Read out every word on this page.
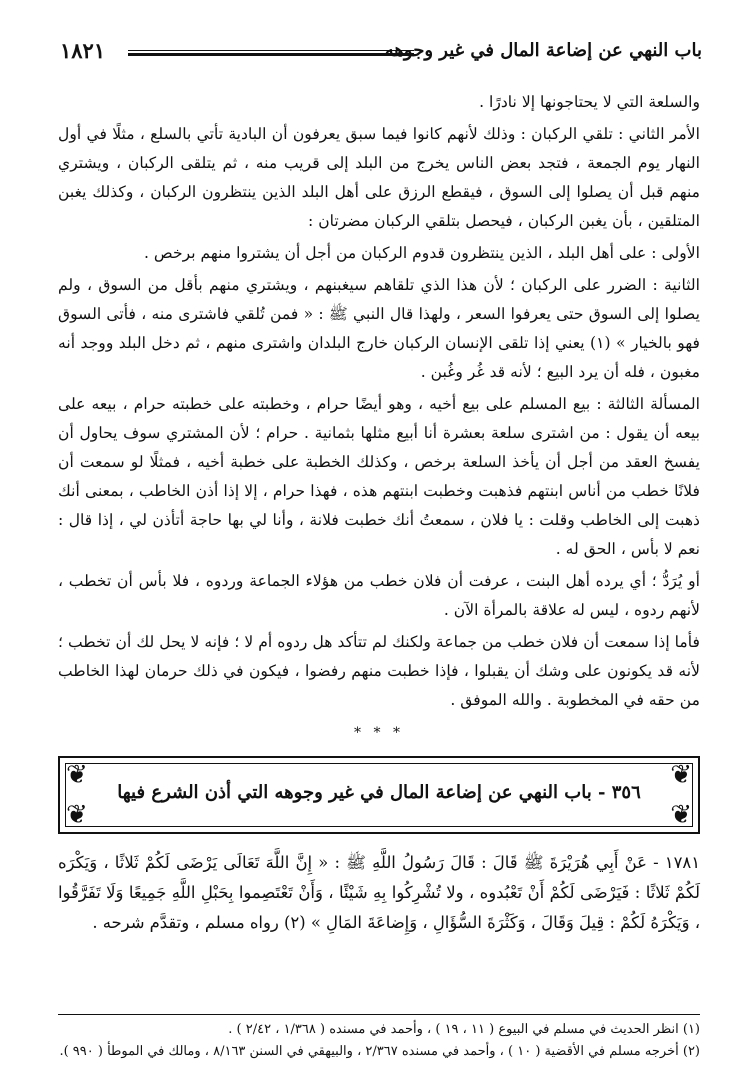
باب النهي عن إضاعة المال في غير وجوهه
١٨٢١

والسلعة التي لا يحتاجونها إلا نادرًا .

الأمر الثاني : تلقي الركبان : وذلك لأنهم كانوا فيما سبق يعرفون أن البادية تأتي بالسلع ، مثلًا في أول النهار يوم الجمعة ، فتجد بعض الناس يخرج من البلد إلى قريب منه ، ثم يتلقى الركبان ، ويشتري منهم قبل أن يصلوا إلى السوق ، فيقطع الرزق على أهل البلد الذين ينتظرون الركبان ، وكذلك يغبن المتلقين ، بأن يغبن الركبان ، فيحصل بتلقي الركبان مضرتان :

الأولى : على أهل البلد ، الذين ينتظرون قدوم الركبان من أجل أن يشتروا منهم برخص .

الثانية : الضرر على الركبان ؛ لأن هذا الذي تلقاهم سيغبنهم ، ويشتري منهم بأقل من السوق ، ولم يصلوا إلى السوق حتى يعرفوا السعر ، ولهذا قال النبي ﷺ : « فمن تُلقي فاشترى منه ، فأتى السوق فهو بالخيار » (١) يعني إذا تلقى الإنسان الركبان خارج البلدان واشترى منهم ، ثم دخل البلد ووجد أنه مغبون ، فله أن يرد البيع ؛ لأنه قد غُر وغُبن .

المسألة الثالثة : بيع المسلم على بيع أخيه ، وهو أيضًا حرام ، وخطبته على خطبته حرام ، بيعه على بيعه أن يقول : من اشترى سلعة بعشرة أنا أبيع مثلها بثمانية . حرام ؛ لأن المشتري سوف يحاول أن يفسخ العقد من أجل أن يأخذ السلعة برخص ، وكذلك الخطبة على خطبة أخيه ، فمثلًا لو سمعت أن فلانًا خطب من أناس ابنتهم فذهبت وخطبت ابنتهم هذه ، فهذا حرام ، إلا إذا أذن الخاطب ، بمعنى أنك ذهبت إلى الخاطب وقلت : يا فلان ، سمعتُ أنك خطبت فلانة ، وأنا لي بها حاجة أتأذن لي ، إذا قال : نعم لا بأس ، الحق له .

أو يُرَدُّ ؛ أي يرده أهل البنت ، عرفت أن فلان خطب من هؤلاء الجماعة وردوه ، فلا بأس أن تخطب ، لأنهم ردوه ، ليس له علاقة بالمرأة الآن .

فأما إذا سمعت أن فلان خطب من جماعة ولكنك لم تتأكد هل ردوه أم لا ؛ فإنه لا يحل لك أن تخطب ؛ لأنه قد يكونون على وشك أن يقبلوا ، فإذا خطبت منهم رفضوا ، فيكون في ذلك حرمان لهذا الخاطب من حقه في المخطوبة . والله الموفق .

* * *
❦	❦
❦	❦
٣٥٦ - باب النهي عن إضاعة المال في غير وجوهه التي أذن الشرع فيها

١٧٨١ - عَنْ أَبِي هُرَيْرَةَ ﷺ قَالَ : قَالَ رَسُولُ اللَّهِ ﷺ : « إِنَّ اللَّهَ تَعَالَى يَرْضَى لَكُمْ ثَلاثًا ، وَيَكْرَه لَكُمْ ثَلاثًا : فَيَرْضَى لَكُمْ أَنْ تَعْبُدوه ، ولا تُشْرِكُوا بِهِ شَيْئًا ، وَأَنْ تَعْتَصِموا بِحَبْلِ اللَّهِ جَمِيعًا وَلَا تَفَرَّقُوا ، وَيَكْرَهُ لَكُمْ : قِيلَ وَقَالَ ، وَكَثْرَةَ السُّؤَالِ ، وَإِضاعَةَ المَالِ » (٢) رواه مسلم ، وتقدَّم شرحه .

(١) انظر الحديث في مسلم في البيوع ( ١١ ، ١٩ ) ، وأحمد في مسنده ( ١/٣٦٨ ، ٢/٤٢ ) .

(٢) أخرجه مسلم في الأقضية ( ١٠ ) ، وأحمد في مسنده ٢/٣٦٧ ، والبيهقي في السنن ٨/١٦٣ ، ومالك في الموطأ ( ٩٩٠ ).
